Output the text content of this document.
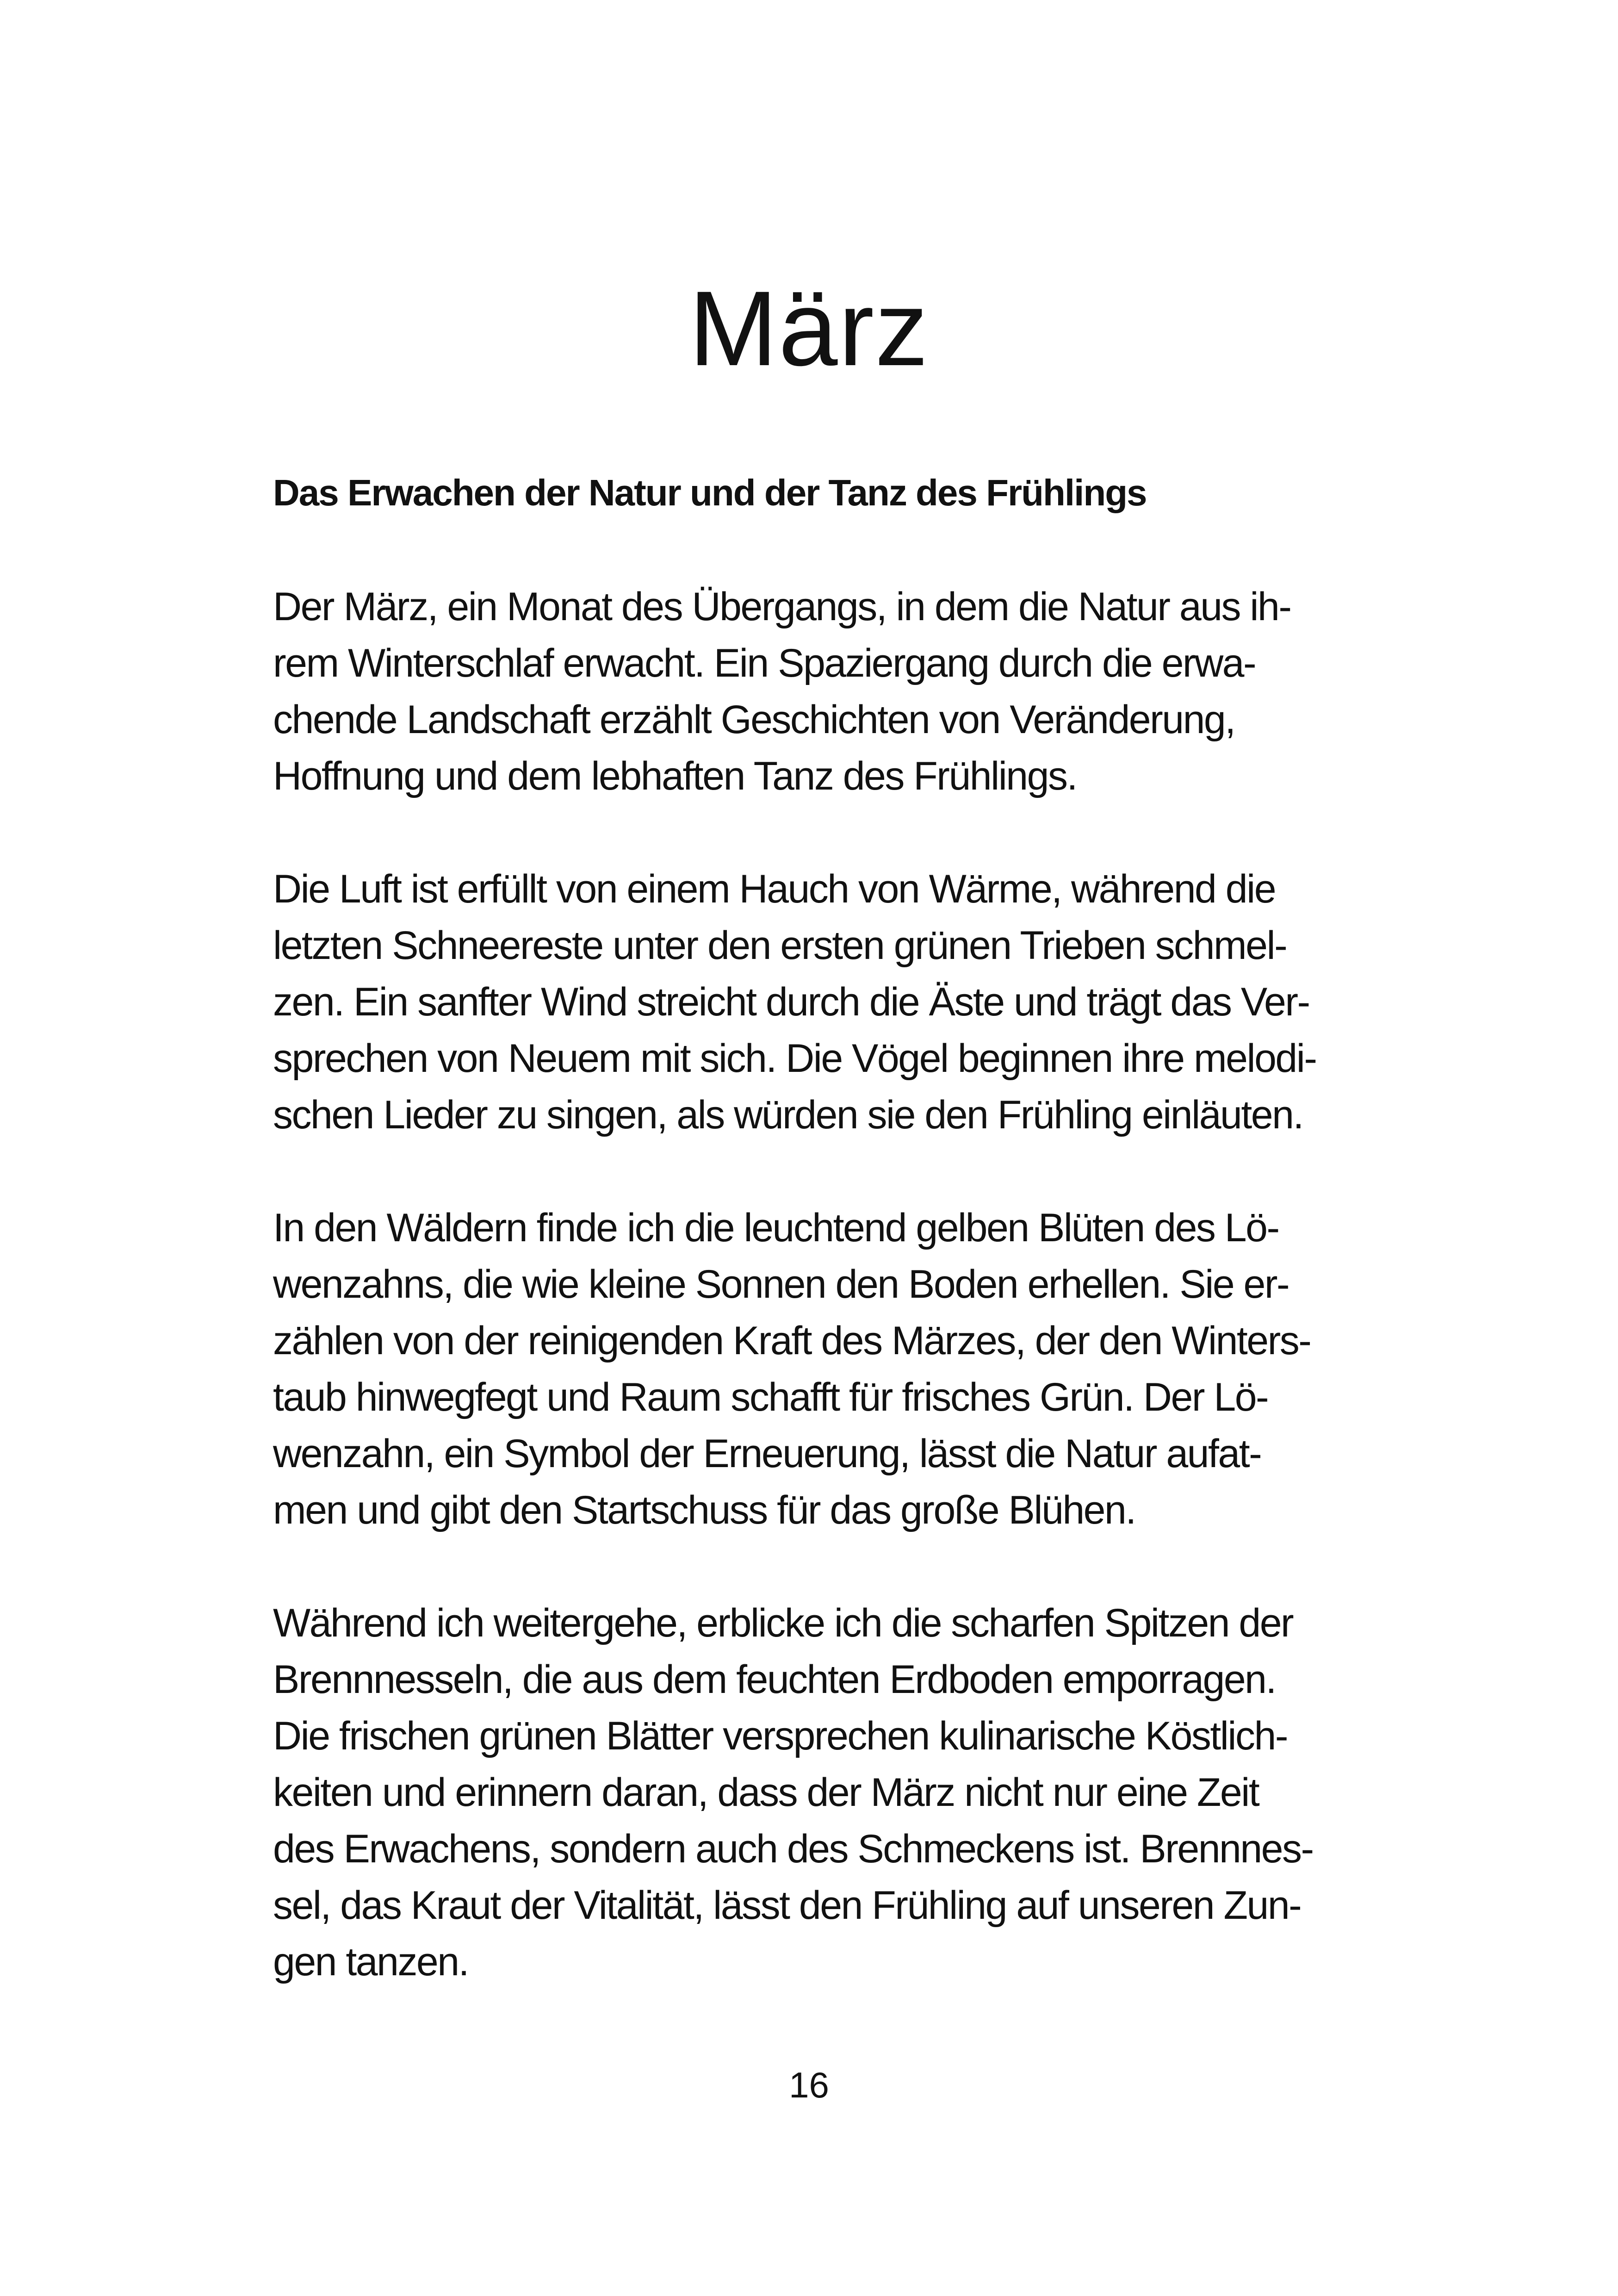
März
Das Erwachen der Natur und der Tanz des Frühlings

Der März, ein Monat des Übergangs, in dem die Natur aus ih-
rem Winterschlaf erwacht. Ein Spaziergang durch die erwa-
chende Landschaft erzählt Geschichten von Veränderung,
Hoffnung und dem lebhaften Tanz des Frühlings.

Die Luft ist erfüllt von einem Hauch von Wärme, während die
letzten Schneereste unter den ersten grünen Trieben schmel-
zen. Ein sanfter Wind streicht durch die Äste und trägt das Ver-
sprechen von Neuem mit sich. Die Vögel beginnen ihre melodi-
schen Lieder zu singen, als würden sie den Frühling einläuten.

In den Wäldern finde ich die leuchtend gelben Blüten des Lö-
wenzahns, die wie kleine Sonnen den Boden erhellen. Sie er-
zählen von der reinigenden Kraft des Märzes, der den Winters-
taub hinwegfegt und Raum schafft für frisches Grün. Der Lö-
wenzahn, ein Symbol der Erneuerung, lässt die Natur aufat-
men und gibt den Startschuss für das große Blühen.

Während ich weitergehe, erblicke ich die scharfen Spitzen der
Brennnesseln, die aus dem feuchten Erdboden emporragen.
Die frischen grünen Blätter versprechen kulinarische Köstlich-
keiten und erinnern daran, dass der März nicht nur eine Zeit
des Erwachens, sondern auch des Schmeckens ist. Brennnes-
sel, das Kraut der Vitalität, lässt den Frühling auf unseren Zun-
gen tanzen.

16
